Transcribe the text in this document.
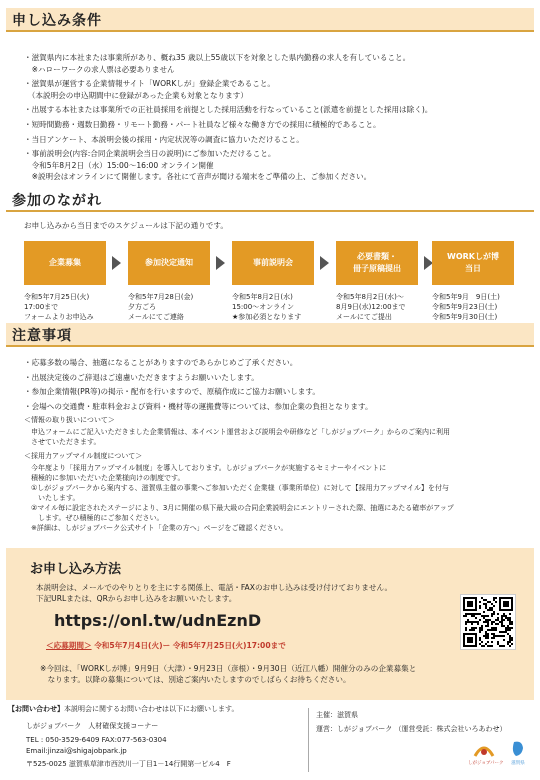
申し込み条件

・滋賀県内に本社または事業所があり、概ね35 歳以上55歳以下を対象とした県内勤務の求人を有していること。
　※ハローワークの求人票は必要ありません

・滋賀県が運営する企業情報サイト「WORKしが」登録企業であること。
　（本説明会の申込期間中に登録があった企業も対象となります）

・出展する本社または事業所での正社員採用を前提とした採用活動を行なっていること(派遣を前提とした採用は除く)。

・短時間勤務・週数日勤務・リモート勤務・パート社員など様々な働き方での採用に積極的であること。

・当日アンケート、本説明会後の採用・内定状況等の調査に協力いただけること。

・事前説明会(内容:合同企業説明会当日の説明)にご参加いただけること。
　令和5年8月2日（水）15:00～16:00 オンライン開催
　※説明会はオンラインにて開催します。各社にて音声が聞ける端末をご準備の上、ご参加ください。

参加のながれ
お申し込みから当日までのスケジュールは下記の通りです。
企業募集
令和5年7月25日(火)
17:00まで
フォームよりお申込み
参加決定通知
令和5年7月28日(金)
夕方ごろ
メールにてご連絡
事前説明会
令和5年8月2日(水)
15:00～オンライン
★参加必須となります
必要書類・
冊子原稿提出
令和5年8月2日(水)～
8月9日(水)12:00まで
メールにてご提出
WORKしが博
当日
令和5年9月　9日(土)
令和5年9月23日(土)
令和5年9月30日(土)
注意事項

・応募多数の場合、抽選になることがありますのであらかじめご了承ください。

・出展決定後のご辞退はご遠慮いただきますようお願いいたします。

・参加企業情報(PR等)の掲示・配布を行いますので、原稿作成にご協力お願いします。

・会場への交通費・駐車料金および資料・機材等の運搬費等については、参加企業の負担となります。

＜情報の取り扱いについて＞
　申込フォームにご記入いただきました企業情報は、本イベント運営および説明会や研修など「しがジョブパーク」からのご案内に利用
　させていただきます。
＜採用力アップマイル制度について＞
　今年度より「採用力アップマイル制度」を導入しております。しがジョブパークが実施するセミナーやイベントに
　積極的に参加いただいた企業様向けの制度です。
　①しがジョブパークから案内する、滋賀県主催の事業へご参加いただく企業様（事業所単位）に対して【採用力アップマイル】を付与
　　いたします。
　②マイル毎に設定されたステージにより、3月に開催の県下最大級の合同企業説明会にエントリーされた際、抽選にあたる確率がアップ
　　します。ぜひ積極的にご参加ください。
　※詳細は、しがジョブパーク公式サイト「企業の方へ」ページをご確認ください。
お申し込み方法
本説明会は、メールでのやりとりを主にする関係上、電話・FAXのお申し込みは受け付けておりません。
下記URLまたは、QRからお申し込みをお願いいたします。
https://onl.tw/udnEznD
＜応募期間＞ 令和5年7月4日(火)ー 令和5年7月25日(火)17:00まで
※今回は、「WORKしが博」9月9日（大津）・9月23日（彦根）・9月30日（近江八幡）開催分のみの企業募集と
　なります。以降の募集については、別途ご案内いたしますのでしばらくお待ちください。
【お問い合わせ】本説明会に関するお問い合わせは以下にお願いします。
しがジョブパーク　人材確保支援コーナー
TEL : 050-3529-6409 FAX:077-563-0304
Email:jinzai@shigajobpark.jp
〒525-0025 滋賀県草津市西渋川一丁目1－14行開第一ビル4　F
主催：滋賀県
運営：しがジョブパーク （運営受託：株式会社いろあわせ）
しがジョブパーク	滋賀県
